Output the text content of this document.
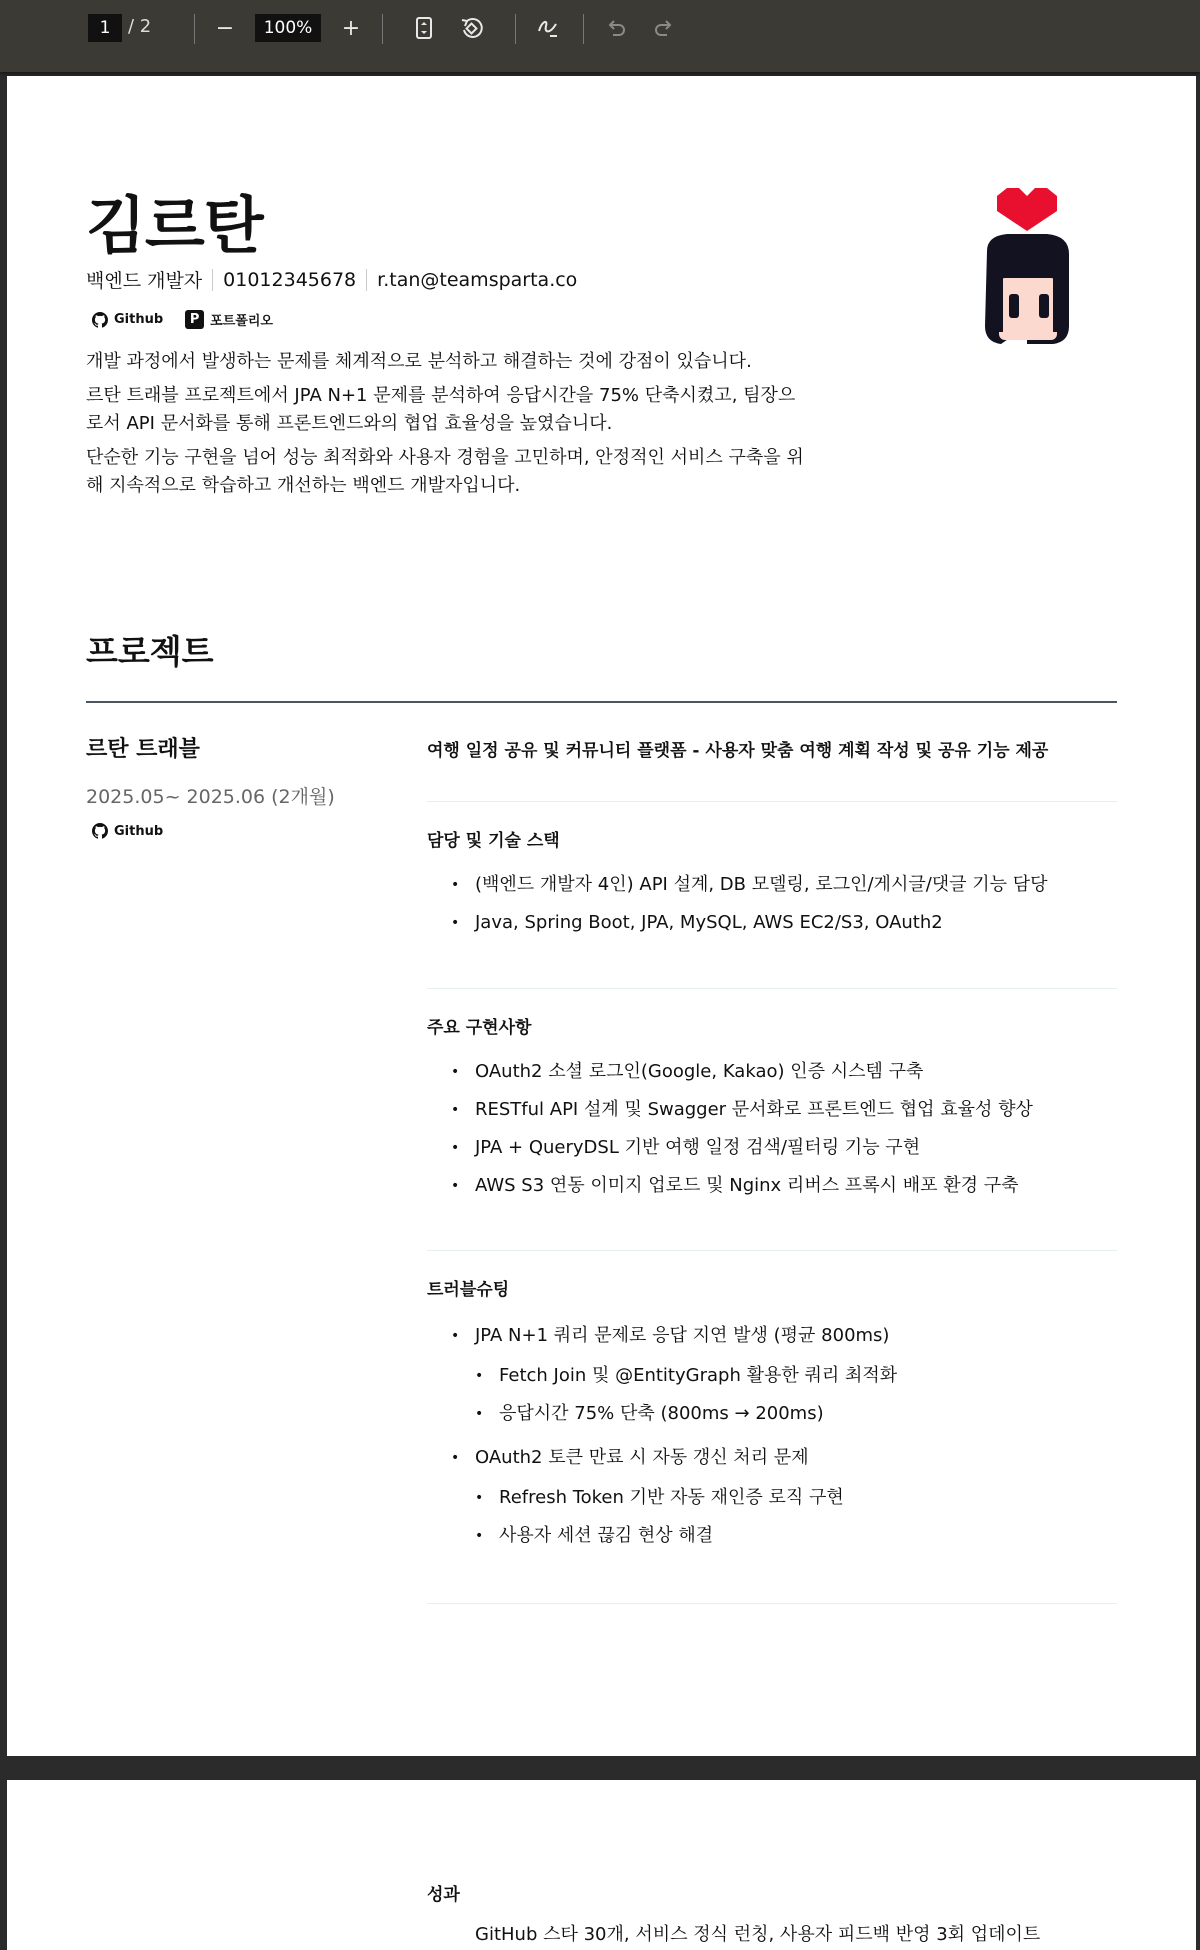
1 / 2	−	100%	+
김르탄
백엔드 개발자 01012345678 r.tan@teamsparta.co
Github	P 포트폴리오

개발 과정에서 발생하는 문제를 체계적으로 분석하고 해결하는 것에 강점이 있습니다.

르탄 트래블 프로젝트에서 JPA N+1 문제를 분석하여 응답시간을 75% 단축시켰고, 팀장으로서 API 문서화를 통해 프론트엔드와의 협업 효율성을 높였습니다.

단순한 기능 구현을 넘어 성능 최적화와 사용자 경험을 고민하며, 안정적인 서비스 구축을 위해 지속적으로 학습하고 개선하는 백엔드 개발자입니다.

프로젝트
르탄 트래블
2025.05~ 2025.06 (2개월)
Github
여행 일정 공유 및 커뮤니티 플랫폼 - 사용자 맞춤 여행 계획 작성 및 공유 기능 제공
담당 및 기술 스택
• (백엔드 개발자 4인) API 설계, DB 모델링, 로그인/게시글/댓글 기능 담당
• Java, Spring Boot, JPA, MySQL, AWS EC2/S3, OAuth2
주요 구현사항
• OAuth2 소셜 로그인(Google, Kakao) 인증 시스템 구축
• RESTful API 설계 및 Swagger 문서화로 프론트엔드 협업 효율성 향상
• JPA + QueryDSL 기반 여행 일정 검색/필터링 기능 구현
• AWS S3 연동 이미지 업로드 및 Nginx 리버스 프록시 배포 환경 구축
트러블슈팅
• JPA N+1 쿼리 문제로 응답 지연 발생 (평균 800ms)
• Fetch Join 및 @EntityGraph 활용한 쿼리 최적화
• 응답시간 75% 단축 (800ms → 200ms)
• OAuth2 토큰 만료 시 자동 갱신 처리 문제
• Refresh Token 기반 자동 재인증 로직 구현
• 사용자 세션 끊김 현상 해결
성과
GitHub 스타 30개, 서비스 정식 런칭, 사용자 피드백 반영 3회 업데이트
